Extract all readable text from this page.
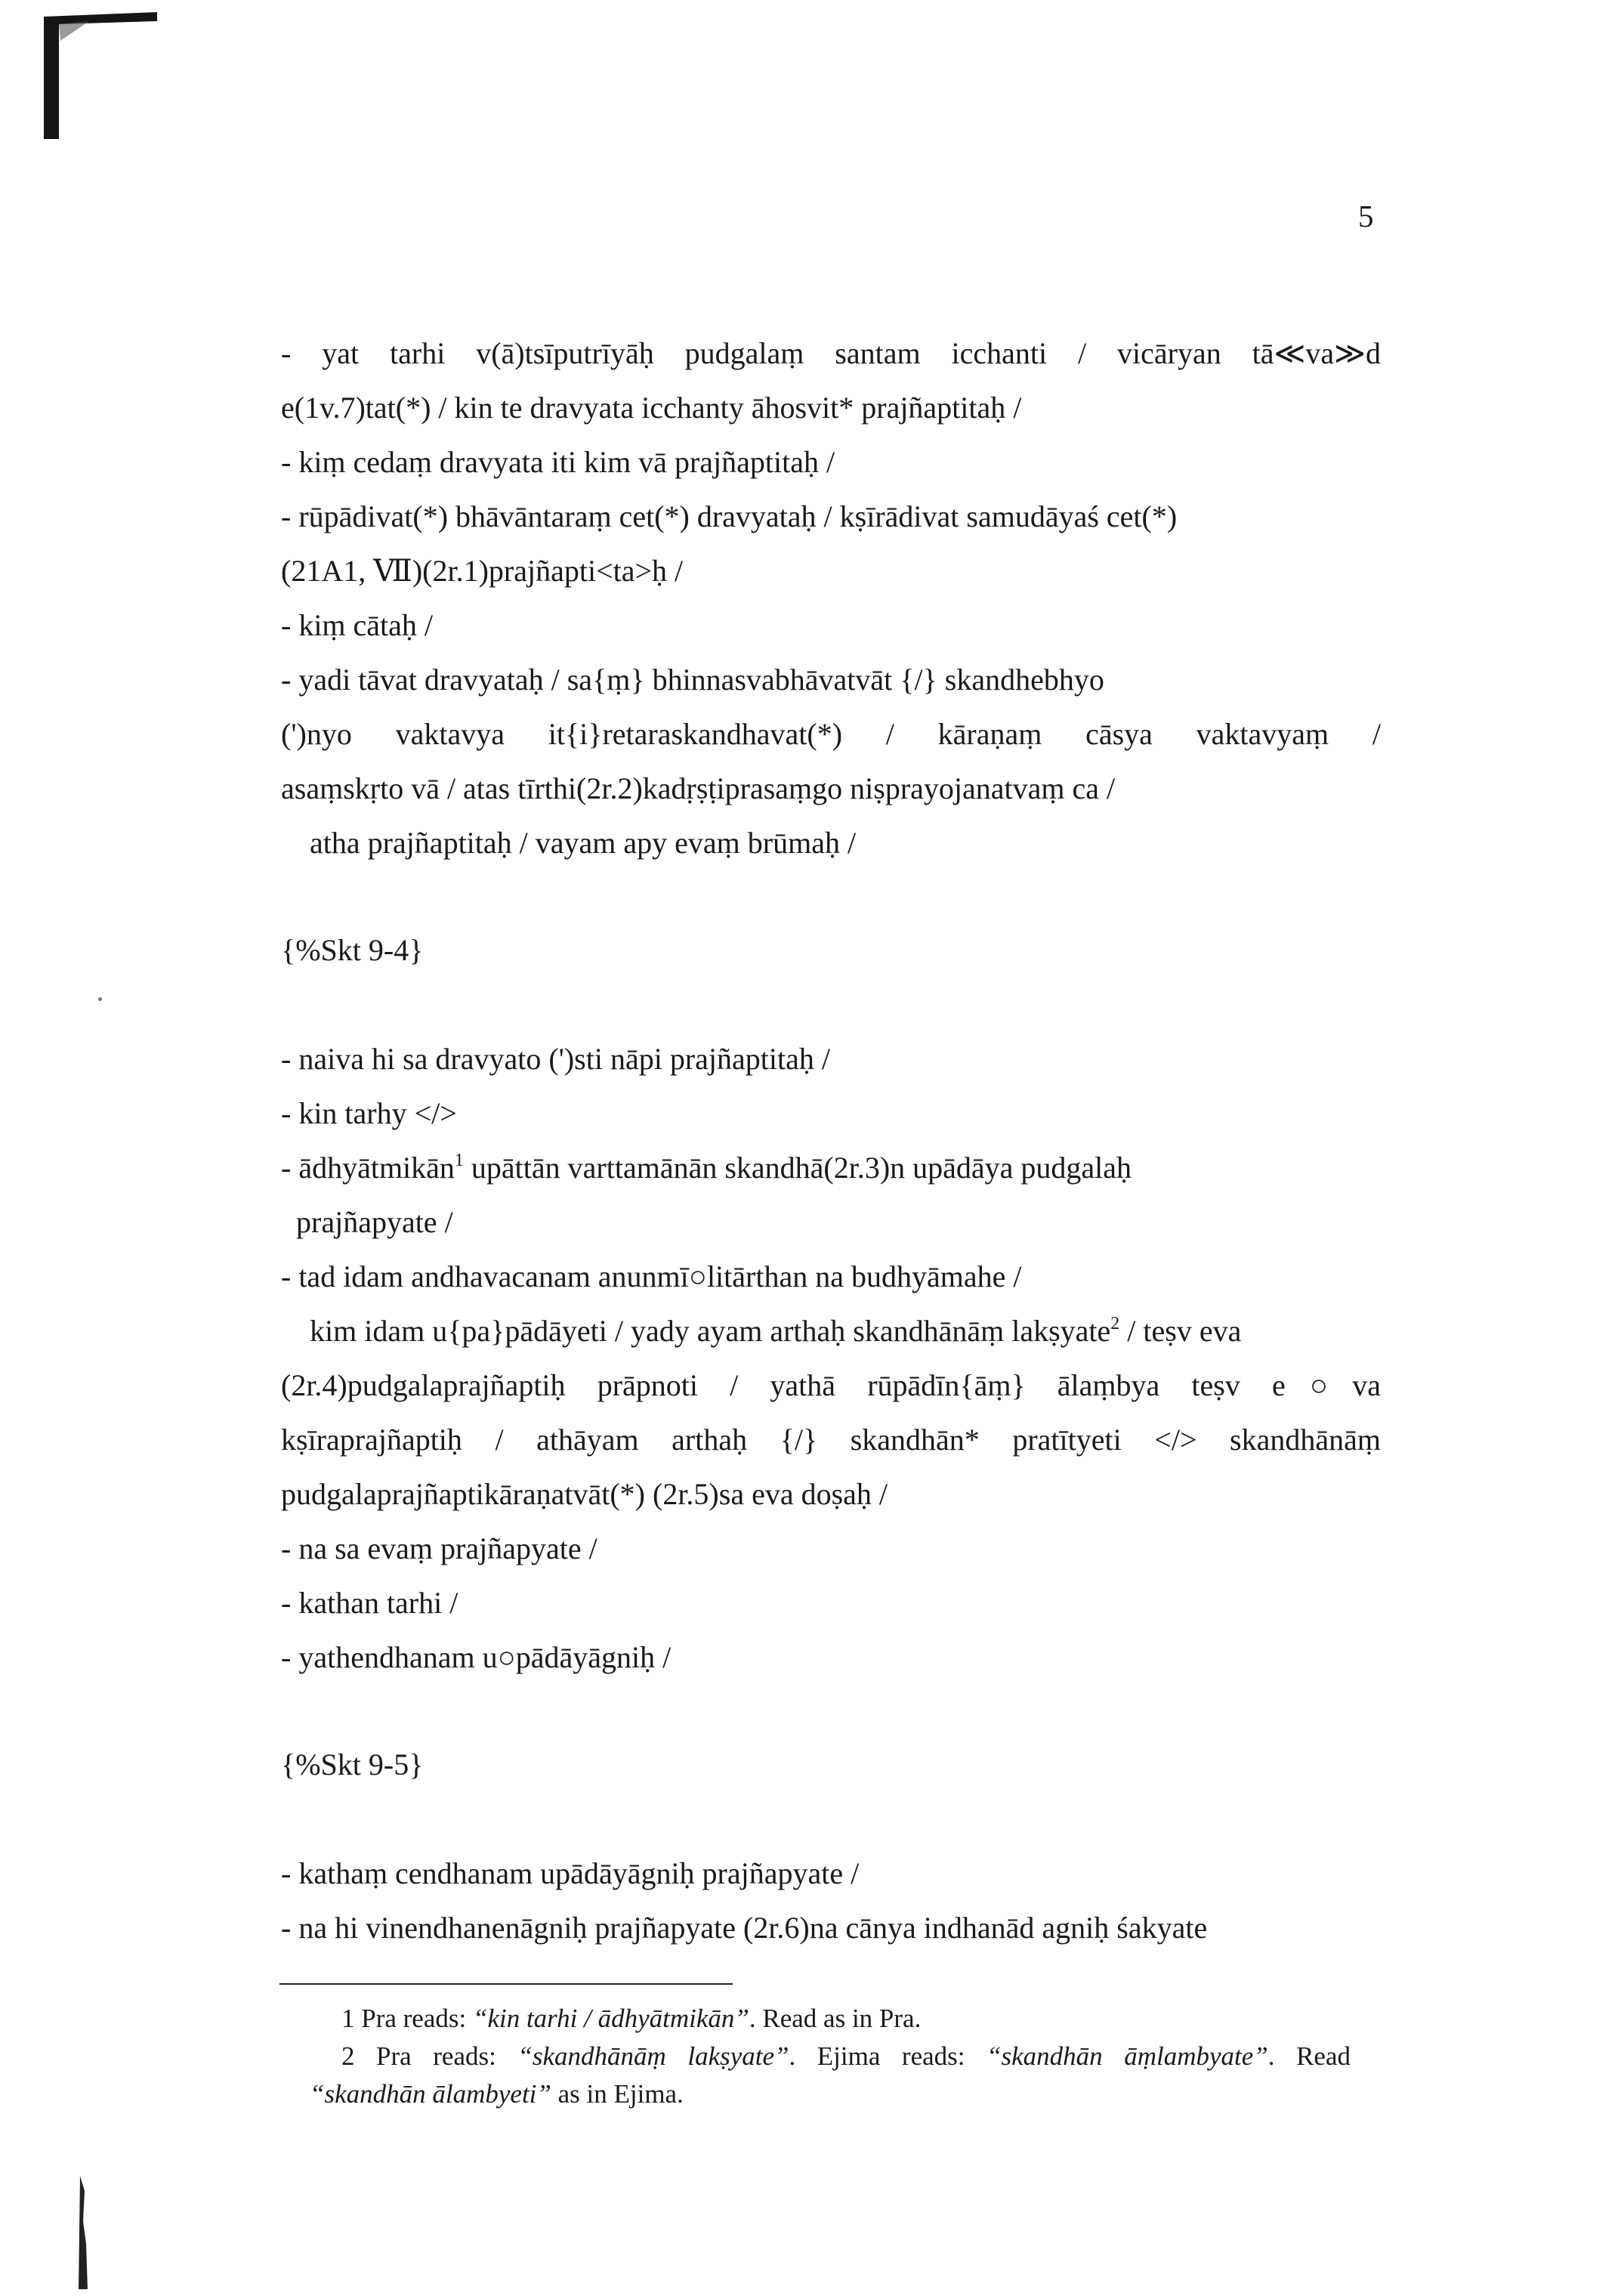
5
- yat tarhi v(ā)tsīputrīyāḥ pudgalaṃ santam icchanti / vicāryan tā≪va≫d
e(1v.7)tat(*) / kin te dravyata icchanty āhosvit* prajñaptitaḥ /
- kiṃ cedaṃ dravyata iti kim vā prajñaptitaḥ /
- rūpādivat(*) bhāvāntaraṃ cet(*) dravyataḥ / kṣīrādivat samudāyaś cet(*)
(21A1, Ⅶ)(2r.1)prajñapti<ta>ḥ /
- kiṃ cātaḥ /
- yadi tāvat dravyataḥ / sa{ṃ} bhinnasvabhāvatvāt {/} skandhebhyo
(')nyo vaktavya it{i}retaraskandhavat(*) / kāraṇaṃ cāsya vaktavyaṃ /
asaṃskṛto vā / atas tīrthi(2r.2)kadṛṣṭiprasaṃgo niṣprayojanatvaṃ ca /
atha prajñaptitaḥ / vayam apy evaṃ brūmaḥ /
{%Skt 9-4}
- naiva hi sa dravyato (')sti nāpi prajñaptitaḥ /
- kin tarhy </>
- ādhyātmikān$^1$ upāttān varttamānān skandhā(2r.3)n upādāya pudgalaḥ
prajñapyate /
- tad idam andhavacanam anunmī○litārthan na budhyāmahe /
kim idam u{pa}pādāyeti / yady ayam arthaḥ skandhānāṃ lakṣyate$^2$ / teṣv eva
(2r.4)pudgalaprajñaptiḥ prāpnoti / yathā rūpādīn{āṃ} ālaṃbya teṣv e○va
kṣīraprajñaptiḥ / athāyam arthaḥ {/} skandhān* pratītyeti </> skandhānāṃ
pudgalaprajñaptikāraṇatvāt(*) (2r.5)sa eva doṣaḥ /
- na sa evaṃ prajñapyate /
- kathan tarhi /
- yathendhanam u○pādāyāgniḥ /
{%Skt 9-5}
- kathaṃ cendhanam upādāyāgniḥ prajñapyate /
- na hi vinendhanenāgniḥ prajñapyate (2r.6)na cānya indhanād agniḥ śakyate
1 Pra reads: “kin tarhi / ādhyātmikān”. Read as in Pra.
2 Pra reads: “skandhānāṃ lakṣyate”. Ejima reads: “skandhān āṃlambyate”. Read
“skandhān ālambyeti” as in Ejima.
